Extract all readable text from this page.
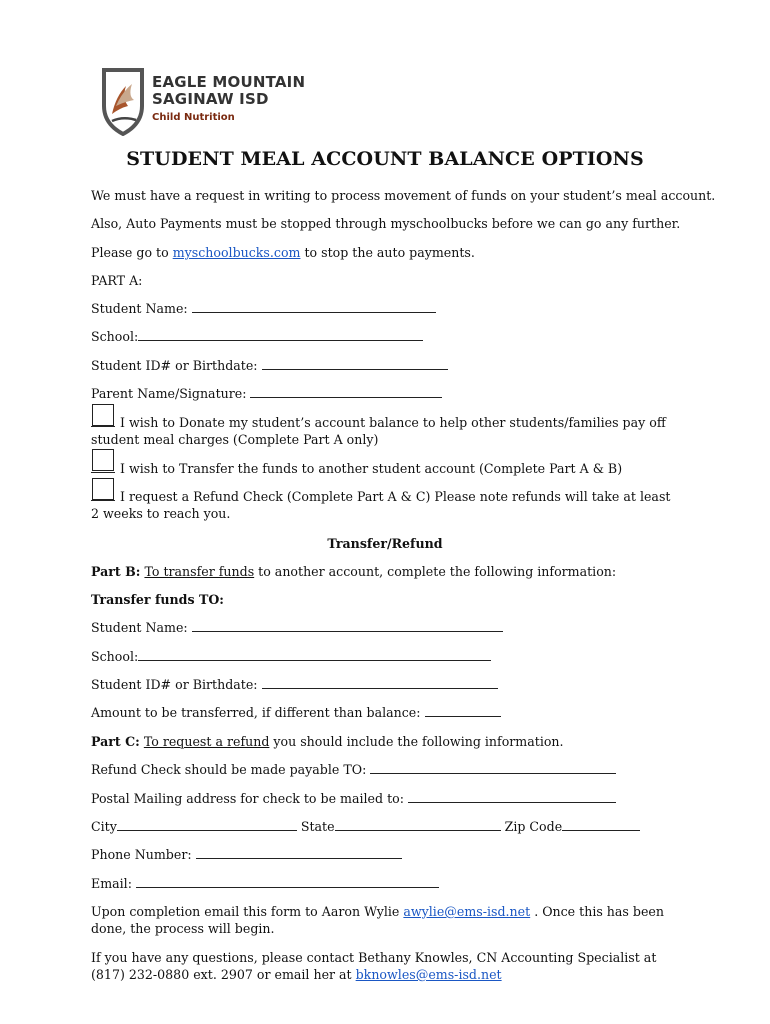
EAGLE MOUNTAIN
SAGINAW ISD
Child Nutrition
STUDENT MEAL ACCOUNT BALANCE OPTIONS
We must have a request in writing to process movement of funds on your student’s meal account.
Also, Auto Payments must be stopped through myschoolbucks before we can go any further.
Please go to myschoolbucks.com to stop the auto payments.
PART A:
Student Name:
School:
Student ID# or Birthdate:
Parent Name/Signature:
I wish to Donate my student’s account balance to help other students/families pay off student meal charges (Complete Part A only)
I wish to Transfer the funds to another student account (Complete Part A & B)
I request a Refund Check (Complete Part A & C) Please note refunds will take at least 2 weeks to reach you.
Transfer/Refund
Part B: To transfer funds to another account, complete the following information:
Transfer funds TO:
Student Name:
School:
Student ID# or Birthdate:
Amount to be transferred, if different than balance:
Part C: To request a refund you should include the following information.
Refund Check should be made payable TO:
Postal Mailing address for check to be mailed to:
City	State	Zip Code
Phone Number:
Email:
Upon completion email this form to Aaron Wylie awylie@ems-isd.net . Once this has been done, the process will begin.
If you have any questions, please contact Bethany Knowles, CN Accounting Specialist at (817) 232-0880 ext. 2907 or email her at bknowles@ems-isd.net
